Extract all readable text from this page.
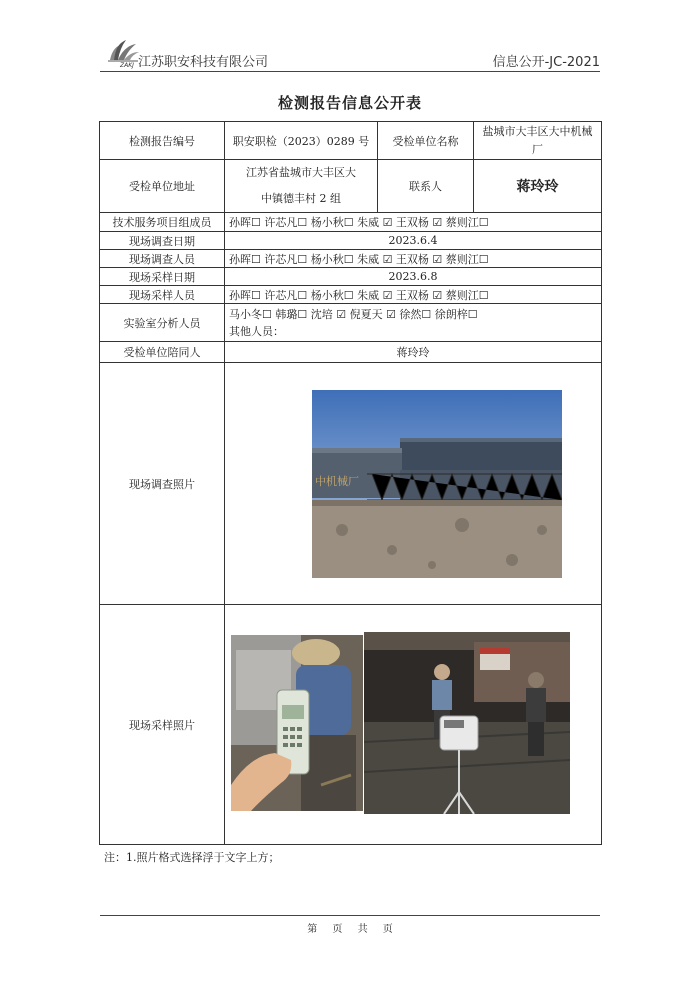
ZAKJ 江苏职安科技有限公司	信息公开-JC-2021
检测报告信息公开表
检测报告编号	职安职检（2023）0289 号	受检单位名称	盐城市大丰区大中机械厂
受检单位地址	江苏省盐城市大丰区大中镇德丰村 2 组	联系人	蒋玲玲
技术服务项目组成员	孙晖☐ 许芯凡☐ 杨小秋☐ 朱威 ☑ 王双杨 ☑ 蔡则江☐		
现场调查日期	2023.6.4		
现场调查人员	孙晖☐ 许芯凡☐ 杨小秋☐ 朱威 ☑ 王双杨 ☑ 蔡则江☐		
现场采样日期	2023.6.8		
现场采样人员	孙晖☐ 许芯凡☐ 杨小秋☐ 朱威 ☑ 王双杨 ☑ 蔡则江☐		
实验室分析人员	马小冬☐ 韩璐☐ 沈培 ☑ 倪夏天 ☑ 徐然☐ 徐朗梓☐
其他人员：		

受检单位陪同人	蒋玲玲		
现场调查照片	中机械厂		

现场采样照片	
注：1.照片格式选择浮于文字上方；
第 页 共 页
